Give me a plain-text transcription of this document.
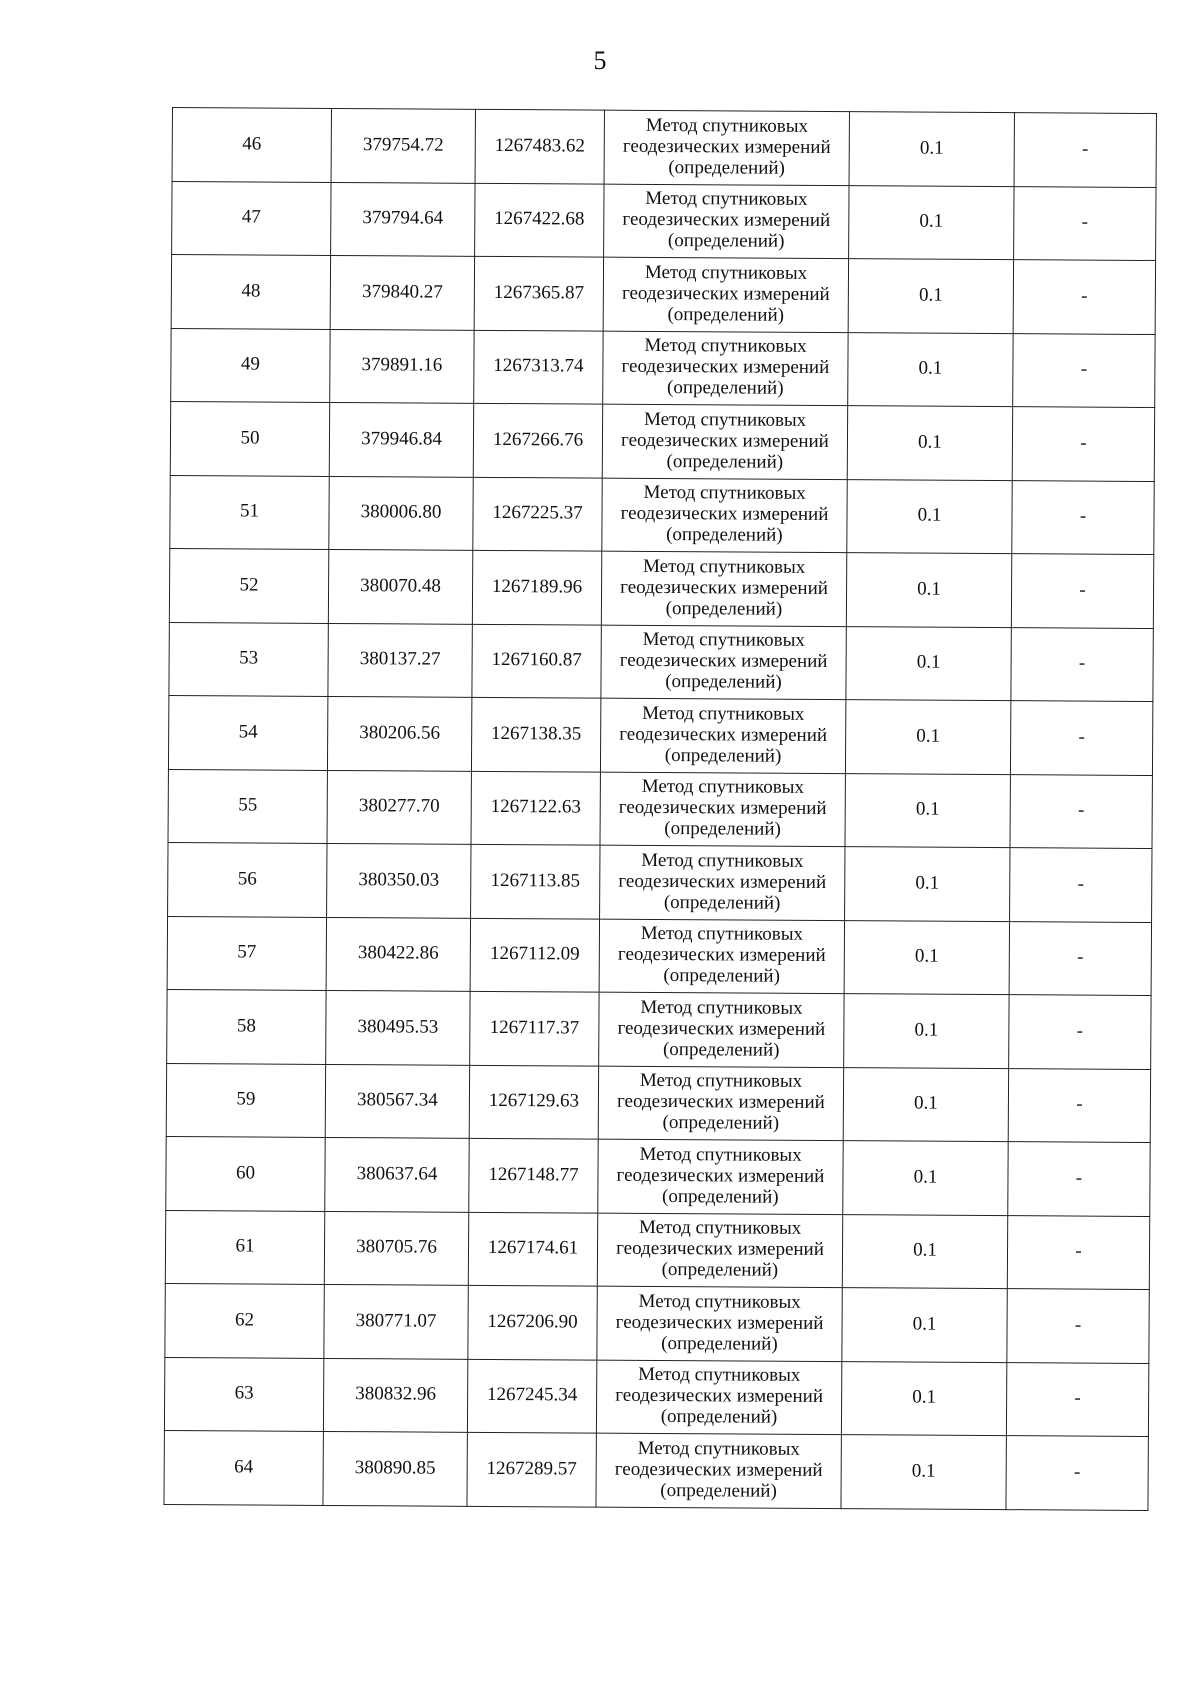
5
46	379754.72	1267483.62	Метод спутниковых
геодезических измерений
(определений)	0.1	-
47	379794.64	1267422.68	Метод спутниковых
геодезических измерений
(определений)	0.1	-
48	379840.27	1267365.87	Метод спутниковых
геодезических измерений
(определений)	0.1	-
49	379891.16	1267313.74	Метод спутниковых
геодезических измерений
(определений)	0.1	-
50	379946.84	1267266.76	Метод спутниковых
геодезических измерений
(определений)	0.1	-
51	380006.80	1267225.37	Метод спутниковых
геодезических измерений
(определений)	0.1	-
52	380070.48	1267189.96	Метод спутниковых
геодезических измерений
(определений)	0.1	-
53	380137.27	1267160.87	Метод спутниковых
геодезических измерений
(определений)	0.1	-
54	380206.56	1267138.35	Метод спутниковых
геодезических измерений
(определений)	0.1	-
55	380277.70	1267122.63	Метод спутниковых
геодезических измерений
(определений)	0.1	-
56	380350.03	1267113.85	Метод спутниковых
геодезических измерений
(определений)	0.1	-
57	380422.86	1267112.09	Метод спутниковых
геодезических измерений
(определений)	0.1	-
58	380495.53	1267117.37	Метод спутниковых
геодезических измерений
(определений)	0.1	-
59	380567.34	1267129.63	Метод спутниковых
геодезических измерений
(определений)	0.1	-
60	380637.64	1267148.77	Метод спутниковых
геодезических измерений
(определений)	0.1	-
61	380705.76	1267174.61	Метод спутниковых
геодезических измерений
(определений)	0.1	-
62	380771.07	1267206.90	Метод спутниковых
геодезических измерений
(определений)	0.1	-
63	380832.96	1267245.34	Метод спутниковых
геодезических измерений
(определений)	0.1	-
64	380890.85	1267289.57	Метод спутниковых
геодезических измерений
(определений)	0.1	-
